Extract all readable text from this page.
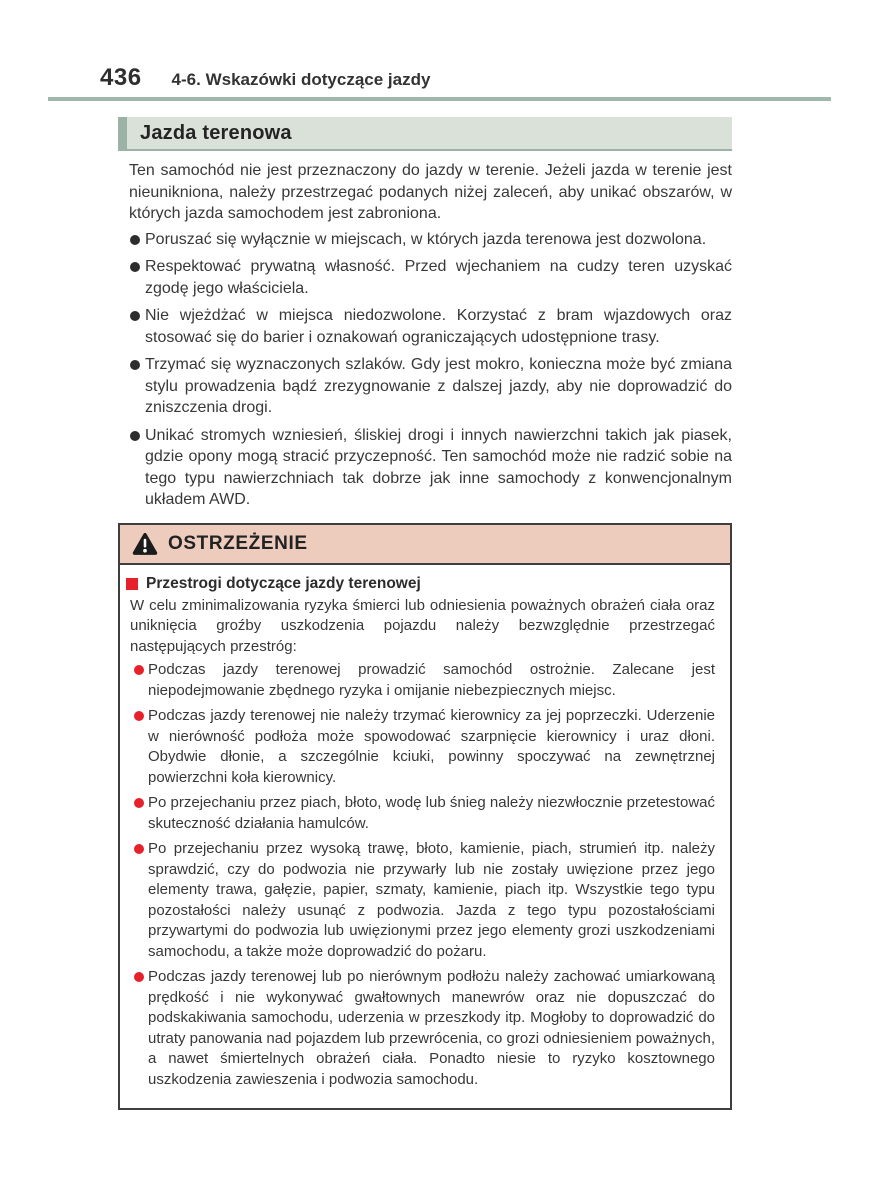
436 4-6. Wskazówki dotyczące jazdy
Jazda terenowa

Ten samochód nie jest przeznaczony do jazdy w terenie. Jeżeli jazda w terenie jest nieunikniona, należy przestrzegać podanych niżej zaleceń, aby unikać obszarów, w których jazda samochodem jest zabroniona.

Poruszać się wyłącznie w miejscach, w których jazda terenowa jest dozwolona.
Respektować prywatną własność. Przed wjechaniem na cudzy teren uzyskać zgodę jego właściciela.
Nie wjeżdżać w miejsca niedozwolone. Korzystać z bram wjazdowych oraz stosować się do barier i oznakowań ograniczających udostępnione trasy.
Trzymać się wyznaczonych szlaków. Gdy jest mokro, konieczna może być zmiana stylu prowadzenia bądź zrezygnowanie z dalszej jazdy, aby nie doprowadzić do zniszczenia drogi.
Unikać stromych wzniesień, śliskiej drogi i innych nawierzchni takich jak piasek, gdzie opony mogą stracić przyczepność. Ten samochód może nie radzić sobie na tego typu nawierzchniach tak dobrze jak inne samochody z konwencjonalnym układem AWD.
OSTRZEŻENIE
Przestrogi dotyczące jazdy terenowej

W celu zminimalizowania ryzyka śmierci lub odniesienia poważnych obrażeń ciała oraz uniknięcia groźby uszkodzenia pojazdu należy bezwzględnie przestrzegać następujących przestróg:

Podczas jazdy terenowej prowadzić samochód ostrożnie. Zalecane jest niepodejmowanie zbędnego ryzyka i omijanie niebezpiecznych miejsc.
Podczas jazdy terenowej nie należy trzymać kierownicy za jej poprzeczki. Uderzenie w nierówność podłoża może spowodować szarpnięcie kierownicy i uraz dłoni. Obydwie dłonie, a szczególnie kciuki, powinny spoczywać na zewnętrznej powierzchni koła kierownicy.
Po przejechaniu przez piach, błoto, wodę lub śnieg należy niezwłocznie przetestować skuteczność działania hamulców.
Po przejechaniu przez wysoką trawę, błoto, kamienie, piach, strumień itp. należy sprawdzić, czy do podwozia nie przywarły lub nie zostały uwięzione przez jego elementy trawa, gałęzie, papier, szmaty, kamienie, piach itp. Wszystkie tego typu pozostałości należy usunąć z podwozia. Jazda z tego typu pozostałościami przywartymi do podwozia lub uwięzionymi przez jego elementy grozi uszkodzeniami samochodu, a także może doprowadzić do pożaru.
Podczas jazdy terenowej lub po nierównym podłożu należy zachować umiarkowaną prędkość i nie wykonywać gwałtownych manewrów oraz nie dopuszczać do podskakiwania samochodu, uderzenia w przeszkody itp. Mogłoby to doprowadzić do utraty panowania nad pojazdem lub przewrócenia, co grozi odniesieniem poważnych, a nawet śmiertelnych obrażeń ciała. Ponadto niesie to ryzyko kosztownego uszkodzenia zawieszenia i podwozia samochodu.
